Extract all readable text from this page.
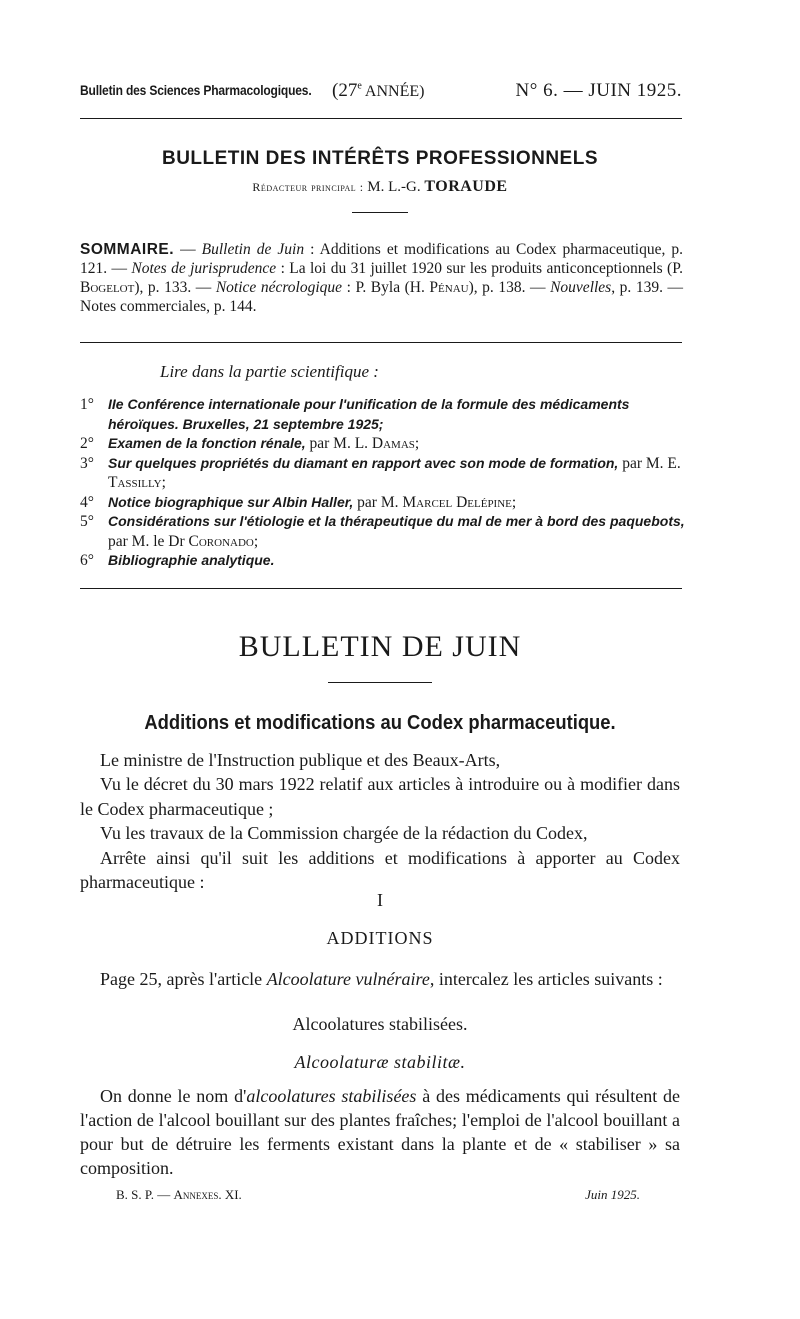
Bulletin des Sciences Pharmacologiques. (27e ANNÉE)	N° 6. — JUIN 1925.
BULLETIN DES INTÉRÊTS PROFESSIONNELS
Rédacteur principal : M. L.-G. TORAUDE
SOMMAIRE. — Bulletin de Juin : Additions et modifications au Codex pharmaceutique, p. 121. — Notes de jurisprudence : La loi du 31 juillet 1920 sur les produits anticonceptionnels (P. Bogelot), p. 133. — Notice nécrologique : P. Byla (H. Pénau), p. 138. — Nouvelles, p. 139. — Notes commerciales, p. 144.
Lire dans la partie scientifique :
1° IIe Conférence internationale pour l'unification de la formule des médicaments héroïques. Bruxelles, 21 septembre 1925;
2° Examen de la fonction rénale, par M. L. Damas;
3° Sur quelques propriétés du diamant en rapport avec son mode de formation, par M. E. Tassilly;
4° Notice biographique sur Albin Haller, par M. Marcel Delépine;
5° Considérations sur l'étiologie et la thérapeutique du mal de mer à bord des paquebots, par M. le Dr Coronado;
6° Bibliographie analytique.
BULLETIN DE JUIN
Additions et modifications au Codex pharmaceutique.

Le ministre de l'Instruction publique et des Beaux-Arts,

Vu le décret du 30 mars 1922 relatif aux articles à introduire ou à modifier dans le Codex pharmaceutique ;

Vu les travaux de la Commission chargée de la rédaction du Codex,

Arrête ainsi qu'il suit les additions et modifications à apporter au Codex pharmaceutique :

I
ADDITIONS
Page 25, après l'article Alcoolature vulnéraire, intercalez les articles suivants :
Alcoolatures stabilisées.
Alcoolaturæ stabilitæ.
On donne le nom d'alcoolatures stabilisées à des médicaments qui résultent de l'action de l'alcool bouillant sur des plantes fraîches; l'emploi de l'alcool bouillant a pour but de détruire les ferments existant dans la plante et de « stabiliser » sa composition.
B. S. P. — Annexes. XI.	Juin 1925.
